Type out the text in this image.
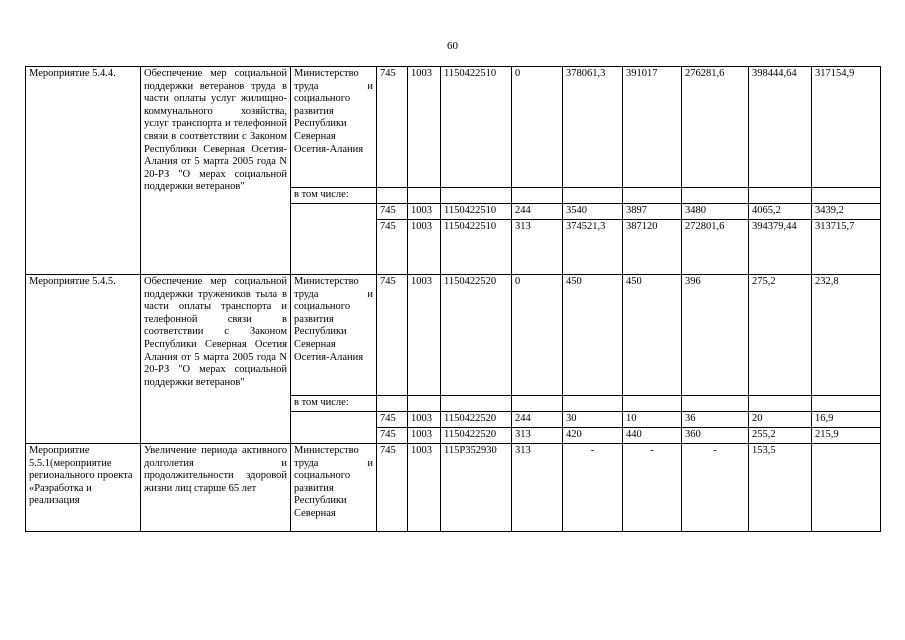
60
Мероприятие 5.4.4.	Обеспечение мер социальной поддержки ветеранов труда в части оплаты услуг жилищно-коммунального хозяйства, услуг транспорта и телефонной связи в соответствии с Законом Республики Северная Осетия-Алания от 5 марта 2005 года N 20-РЗ "О мерах социальной поддержки ветеранов"	Министерство труда и социального развития Республики Северная Осетия-Алания	745	1003	1150422510	0	378061,3	391017	276281,6	398444,64	317154,9
		в том числе:									
			745	1003	1150422510	244	3540	3897	3480	4065,2	3439,2
			745	1003	1150422510	313	374521,3	387120	272801,6	394379,44	313715,7
Мероприятие 5.4.5.	Обеспечение мер социальной поддержки тружеников тыла в части оплаты транспорта и телефонной связи в соответствии с Законом Республики Северная Осетия Алания от 5 марта 2005 года N 20-РЗ "О мерах социальной поддержки ветеранов"	Министерство труда и социального развития Республики Северная Осетия-Алания	745	1003	1150422520	0	450	450	396	275,2	232,8
		в том числе:									
			745	1003	1150422520	244	30	10	36	20	16,9
			745	1003	1150422520	313	420	440	360	255,2	215,9
Мероприятие 5.5.1(мероприятие регионального проекта «Разработка и реализация	Увеличение периода активного долголетия и продолжительности здоровой жизни лиц старше 65 лет	Министерство труда и социального развития Республики Северная	745	1003	115P352930	313	-	-	-	153,5	
